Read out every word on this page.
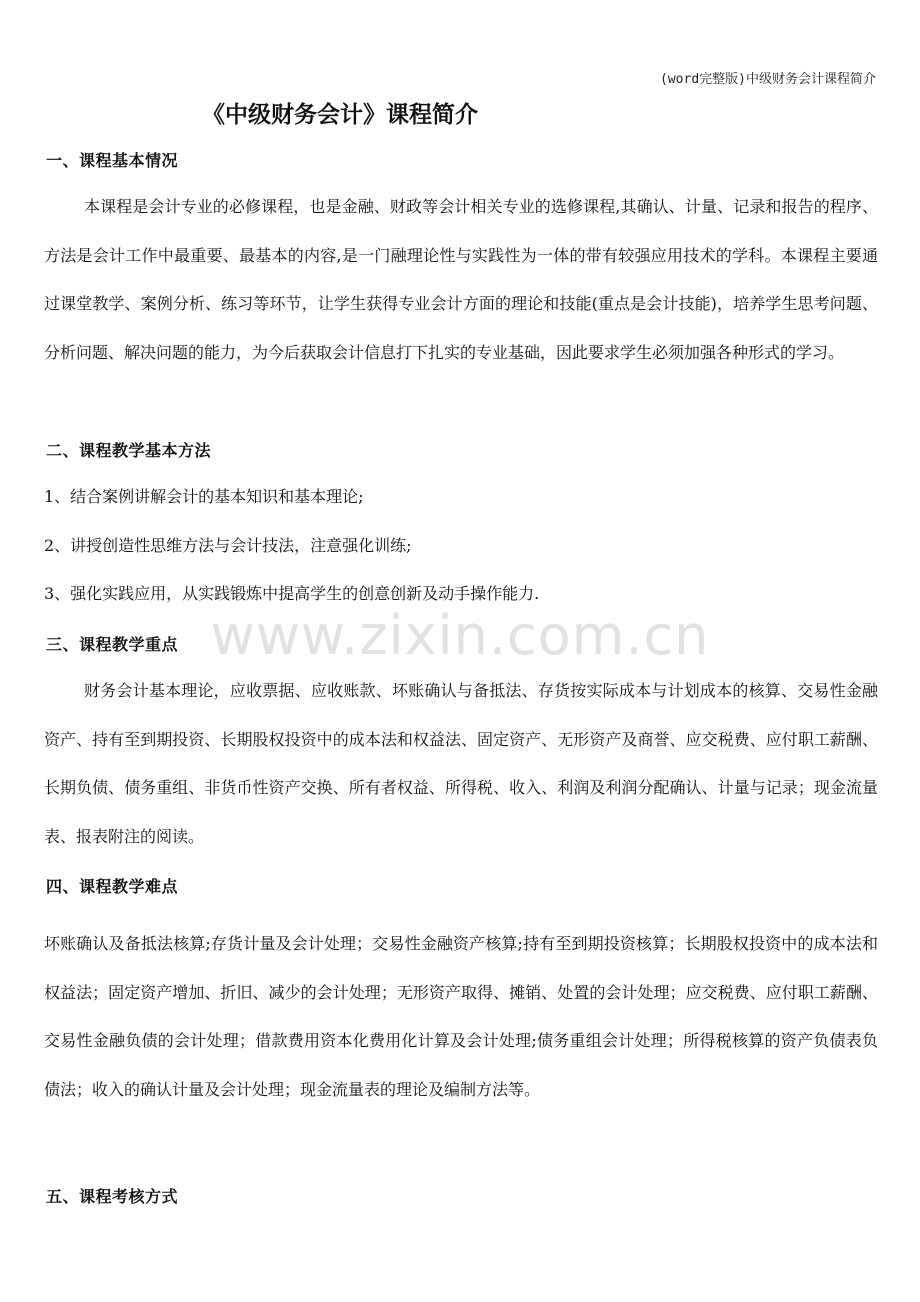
(word完整版)中级财务会计课程简介
《中级财务会计》课程简介
一、课程基本情况

本课程是会计专业的必修课程，也是金融、财政等会计相关专业的选修课程,其确认、计量、记录和报告的程序、方法是会计工作中最重要、最基本的内容,是一门融理论性与实践性为一体的带有较强应用技术的学科。本课程主要通过课堂教学、案例分析、练习等环节，让学生获得专业会计方面的理论和技能(重点是会计技能)，培养学生思考问题、分析问题、解决问题的能力，为今后获取会计信息打下扎实的专业基础，因此要求学生必须加强各种形式的学习。

二、课程教学基本方法
1、结合案例讲解会计的基本知识和基本理论;
2、讲授创造性思维方法与会计技法，注意强化训练;
3、强化实践应用，从实践锻炼中提高学生的创意创新及动手操作能力.
www.zixin.com.cn
三、课程教学重点

财务会计基本理论，应收票据、应收账款、坏账确认与备抵法、存货按实际成本与计划成本的核算、交易性金融资产、持有至到期投资、长期股权投资中的成本法和权益法、固定资产、无形资产及商誉、应交税费、应付职工薪酬、长期负债、债务重组、非货币性资产交换、所有者权益、所得税、收入、利润及利润分配确认、计量与记录；现金流量表、报表附注的阅读。

四、课程教学难点

坏账确认及备抵法核算;存货计量及会计处理；交易性金融资产核算;持有至到期投资核算；长期股权投资中的成本法和权益法；固定资产增加、折旧、减少的会计处理；无形资产取得、摊销、处置的会计处理；应交税费、应付职工薪酬、交易性金融负债的会计处理；借款费用资本化费用化计算及会计处理;债务重组会计处理；所得税核算的资产负债表负债法；收入的确认计量及会计处理；现金流量表的理论及编制方法等。

五、课程考核方式
